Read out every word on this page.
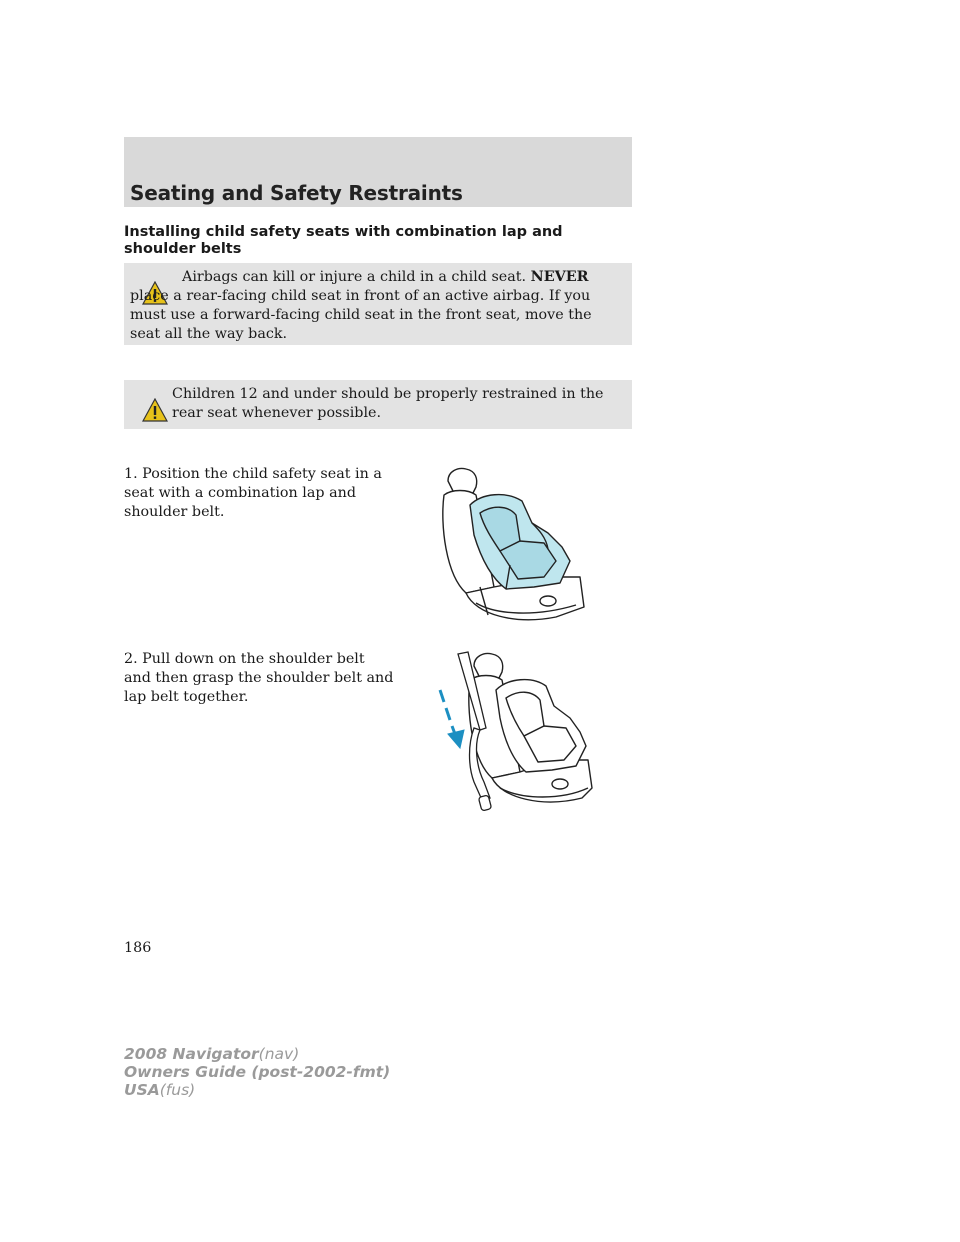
Seating and Safety Restraints
Installing child safety seats with combination lap and shoulder belts
Airbags can kill or injure a child in a child seat. NEVER place a rear-facing child seat in front of an active airbag. If you must use a forward-facing child seat in the front seat, move the seat all the way back.
Children 12 and under should be properly restrained in the rear seat whenever possible.
1. Position the child safety seat in a seat with a combination lap and shoulder belt.
2. Pull down on the shoulder belt and then grasp the shoulder belt and lap belt together.
186
2008 Navigator(nav)
Owners Guide (post-2002-fmt)
USA(fus)
